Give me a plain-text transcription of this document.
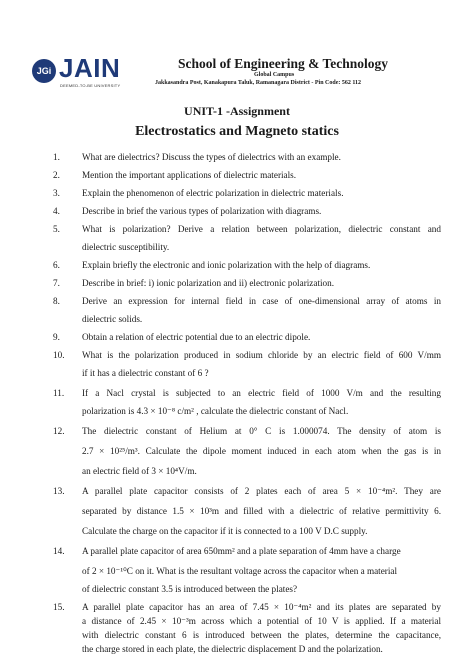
JGi JAIN
DEEMED-TO-BE UNIVERSITY
School of Engineering & Technology
Global Campus
Jakkasandra Post, Kanakapura Taluk, Ramanagara District - Pin Code: 562 112
UNIT-1 -Assignment
Electrostatics and Magneto statics
1. What are dielectrics? Discuss the types of dielectrics with an example.
2. Mention the important applications of dielectric materials.
3. Explain the phenomenon of electric polarization in dielectric materials.
4. Describe in brief the various types of polarization with diagrams.
5. What is polarization? Derive a relation between polarization, dielectric constant and
dielectric susceptibility.
6. Explain briefly the electronic and ionic polarization with the help of diagrams.
7. Describe in brief: i) ionic polarization and ii) electronic polarization.
8. Derive an expression for internal field in case of one-dimensional array of atoms in
dielectric solids.
9. Obtain a relation of electric potential due to an electric dipole.
10. What is the polarization produced in sodium chloride by an electric field of 600 V/mm
if it has a dielectric constant of 6 ?
11. If a Nacl crystal is subjected to an electric field of 1000 V/m and the resulting
polarization is 4.3 × 10⁻⁸ c/m² , calculate the dielectric constant of Nacl.
12. The dielectric constant of Helium at 0° C is 1.000074. The density of atom is
2.7 × 10²⁵/m³. Calculate the dipole moment induced in each atom when the gas is in
an electric field of 3 × 10⁴V/m.
13. A parallel plate capacitor consists of 2 plates each of area 5 × 10⁻⁴m². They are
separated by distance 1.5 × 10³m and filled with a dielectric of relative permittivity 6.
Calculate the charge on the capacitor if it is connected to a 100 V D.C supply.
14. A parallel plate capacitor of area 650mm² and a plate separation of 4mm have a charge
of 2 × 10⁻¹⁰C on it. What is the resultant voltage across the capacitor when a material
of dielectric constant 3.5 is introduced between the plates?
15. A parallel plate capacitor has an area of 7.45 × 10⁻⁴m² and its plates are separated by
a distance of 2.45 × 10⁻³m across which a potential of 10 V is applied. If a material
with dielectric constant 6 is introduced between the plates, determine the capacitance,
the charge stored in each plate, the dielectric displacement D and the polarization.
